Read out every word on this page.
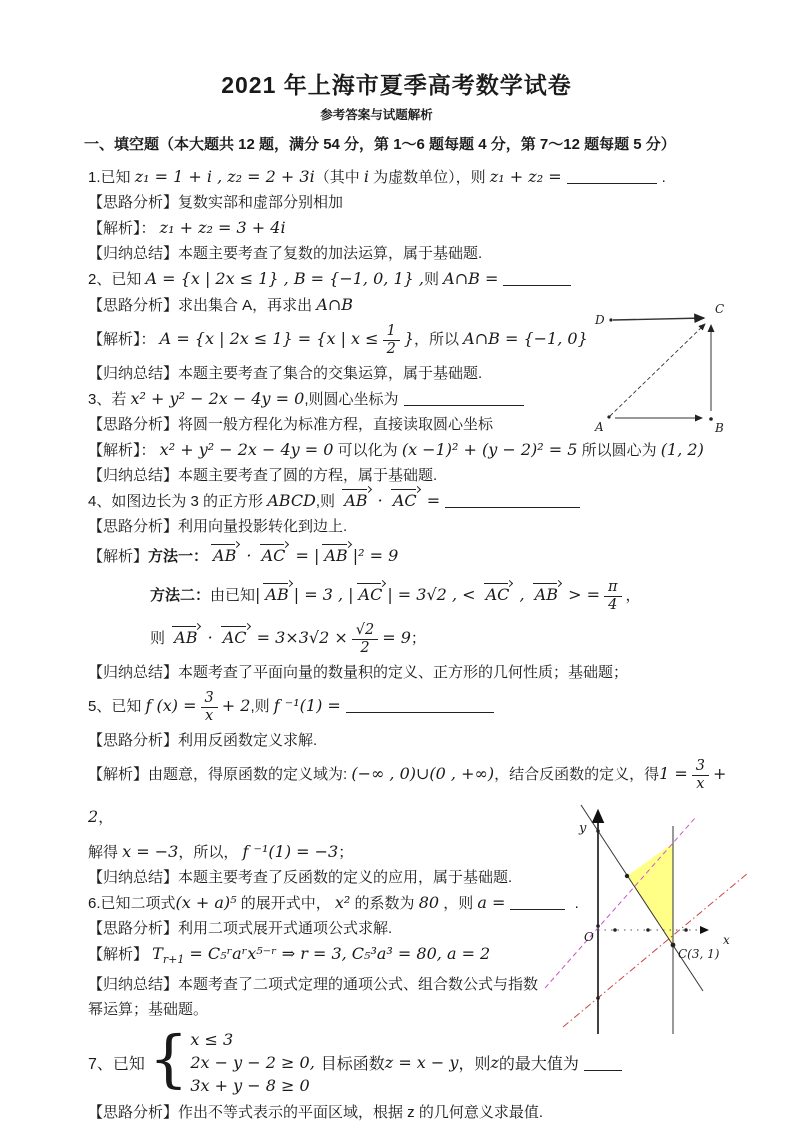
2021 年上海市夏季高考数学试卷
参考答案与试题解析
一、填空题（本大题共 12 题，满分 54 分，第 1～6 题每题 4 分，第 7～12 题每题 5 分）
1.已知 z₁ = 1 + i , z₂ = 2 + 3i（其中 i 为虚数单位），则 z₁ + z₂ =	.
【思路分析】复数实部和虚部分别相加
【解析】： z₁ + z₂ = 3 + 4i
【归纳总结】本题主要考查了复数的加法运算，属于基础题.
2、已知 A = {x | 2x ≤ 1} , B = {−1, 0, 1} ,则 A∩B =
【思路分析】求出集合 A，再求出 A∩B
【解析】： A = {x | 2x ≤ 1} = {x | $x \le \frac{1}{2}$ }，所以 A∩B = {−1, 0}
【归纳总结】本题主要考查了集合的交集运算，属于基础题.
3、若 x² + y² − 2x − 4y = 0,则圆心坐标为
【思路分析】将圆一般方程化为标准方程，直接读取圆心坐标
【解析】： x² + y² − 2x − 4y = 0 可以化为 (x −1)² + (y − 2)² = 5 所以圆心为 (1, 2)
【归纳总结】本题主要考查了圆的方程，属于基础题.
4、如图边长为 3 的正方形 ABCD,则 AB · AC =
【思路分析】利用向量投影转化到边上.
【解析】方法一： AB · AC = | AB |² = 9
方法二：由已知| AB | = 3 , | AC | = 3√2 , < AC , AB > = $\frac{\pi}{4}$ ，
则 AB · AC = $3\times 3√2 \times \frac{√2}{2} = 9$；
【归纳总结】本题考查了平面向量的数量积的定义、正方形的几何性质；基础题；
5、已知 f $(x) = \frac{3}{x} + 2$,则 f ⁻¹(1) =
【思路分析】利用反函数定义求解.
【解析】由题意，得原函数的定义域为: (−∞ , 0)∪(0 , +∞)，结合反函数的定义，得$1 = \frac{3}{x} + 2$，
解得 x = −3，所以， f ⁻¹(1) = −3；
【归纳总结】本题主要考查了反函数的定义的应用，属于基础题.
6.已知二项式(x + a)⁵ 的展开式中， x² 的系数为 80 ，则 a =	.
【思路分析】利用二项式展开式通项公式求解.
【解析】 $T_{r+1}$ = C₅ʳaʳx⁵⁻ʳ ⇒ r = 3, C₅³a³ = 80, a = 2
【归纳总结】本题考查了二项式定理的通项公式、组合数公式与指数
幂运算；基础题。
7、已知 { x ≤ 3
2x − y − 2 ≥ 0,
3x + y − 8 ≥ 0
目标函数 z = x − y ，则 z 的最大值为
【思路分析】作出不等式表示的平面区域，根据 z 的几何意义求最值.
D
C
A	B
y
O	x
C(3, 1)
